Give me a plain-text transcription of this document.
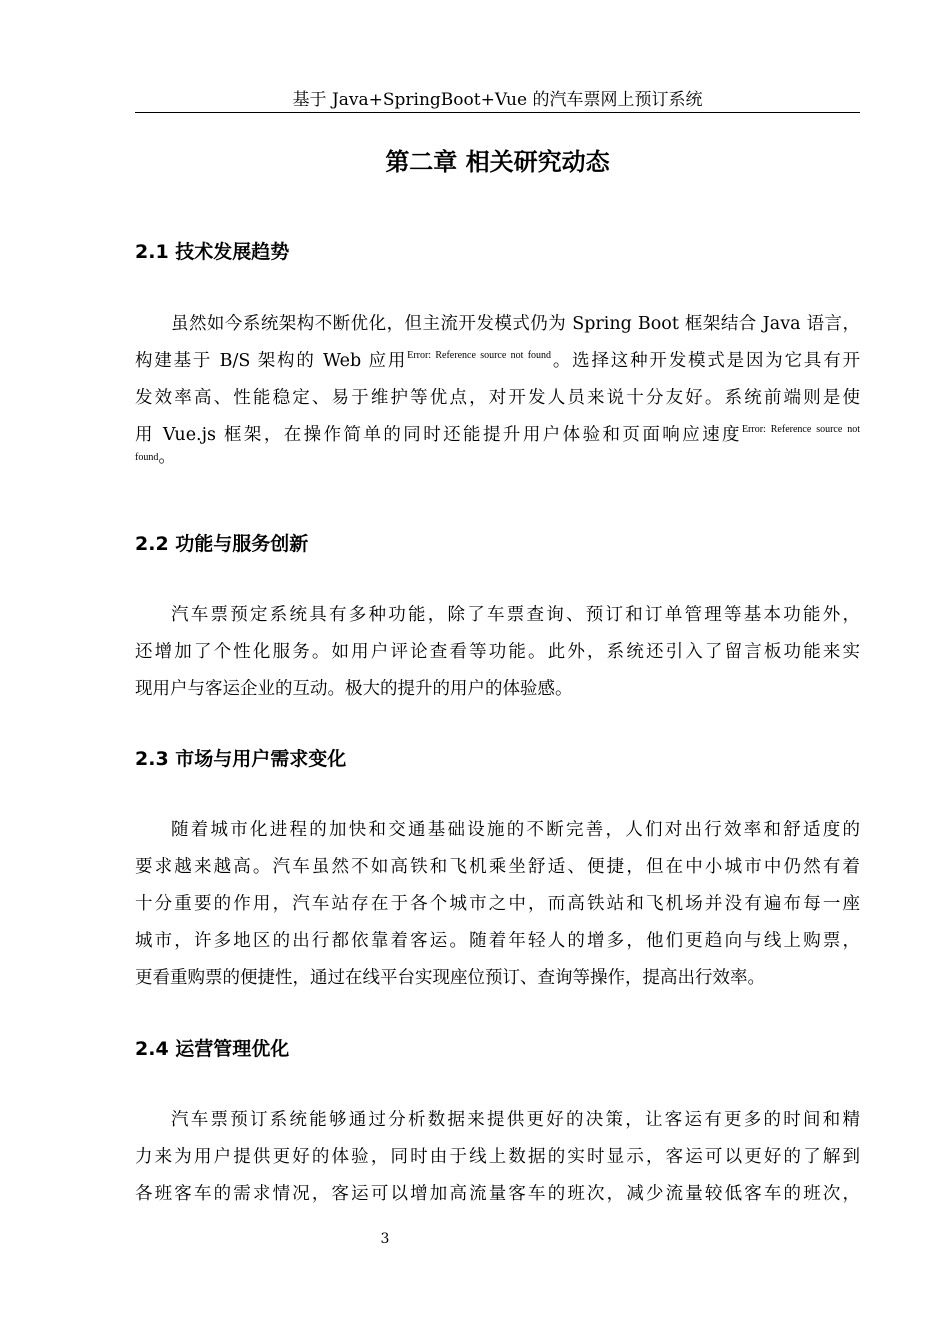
基于 Java+SpringBoot+Vue 的汽车票网上预订系统
第二章 相关研究动态
2.1 技术发展趋势
虽然如今系统架构不断优化，但主流开发模式仍为 Spring Boot 框架结合 Java 语言，
构建基于 B/S 架构的 Web 应用$^{Error: Reference source not found}$。选择这种开发模式是因为它具有开
发效率高、性能稳定、易于维护等优点，对开发人员来说十分友好。系统前端则是使
用 Vue.js 框架，在操作简单的同时还能提升用户体验和页面响应速度$^{Error: Reference source not}$
found。
2.2 功能与服务创新
汽车票预定系统具有多种功能，除了车票查询、预订和订单管理等基本功能外，
还增加了个性化服务。如用户评论查看等功能。此外，系统还引入了留言板功能来实
现用户与客运企业的互动。极大的提升的用户的体验感。
2.3 市场与用户需求变化
随着城市化进程的加快和交通基础设施的不断完善，人们对出行效率和舒适度的
要求越来越高。汽车虽然不如高铁和飞机乘坐舒适、便捷，但在中小城市中仍然有着
十分重要的作用，汽车站存在于各个城市之中，而高铁站和飞机场并没有遍布每一座
城市，许多地区的出行都依靠着客运。随着年轻人的增多，他们更趋向与线上购票，
更看重购票的便捷性，通过在线平台实现座位预订、查询等操作，提高出行效率。
2.4 运营管理优化
汽车票预订系统能够通过分析数据来提供更好的决策，让客运有更多的时间和精
力来为用户提供更好的体验，同时由于线上数据的实时显示，客运可以更好的了解到
各班客车的需求情况，客运可以增加高流量客车的班次，减少流量较低客车的班次，
3
